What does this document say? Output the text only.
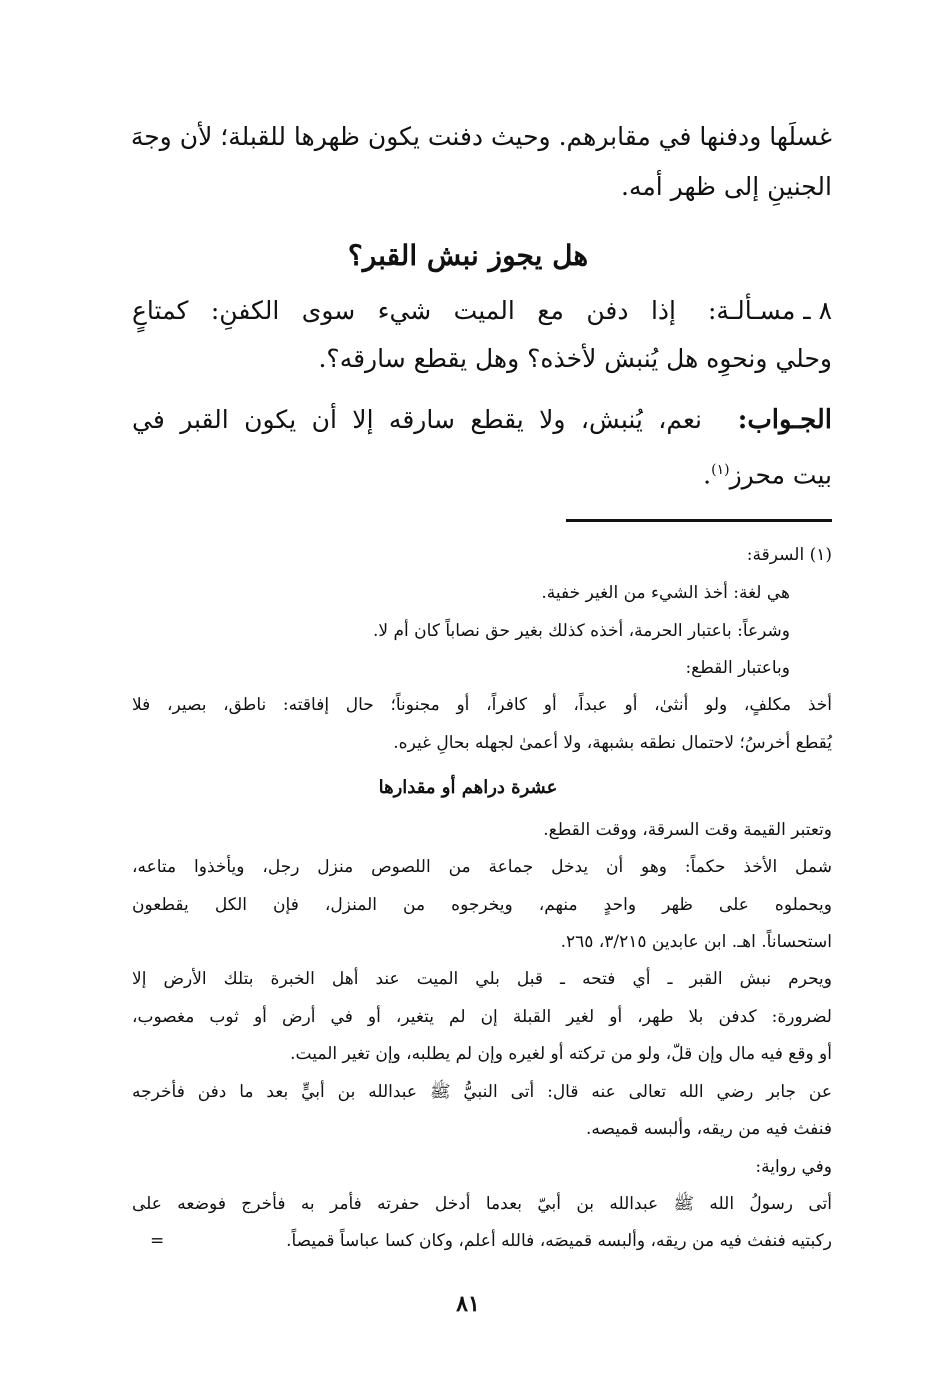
غسلَها ودفنها في مقابرهم. وحيث دفنت يكون ظهرها للقبلة؛ لأن وجهَ
الجنينِ إلى ظهر أمه.
هل يجوز نبش القبر؟
٨ ـ مسـألـة:
إذا دفن مع الميت شيء سوى الكفنِ: كمتاعٍ
وحلي ونحوِه هل يُنبش لأخذه؟ وهل يقطع سارقه؟.
الجـواب:
نعم، يُنبش، ولا يقطع سارقه إلا أن يكون القبر في
بيت محرز$^{(١)}$.
(١) السرقة:
هي لغة: أخذ الشيء من الغير خفية.
وشرعاً: باعتبار الحرمة، أخذه كذلك بغير حق نصاباً كان أم لا.
وباعتبار القطع:
أخذ مكلفٍ، ولو أنثىٰ، أو عبداً، أو كافراً، أو مجنوناً؛ حال إفاقته: ناطق، بصير، فلا
يُقطع أخرسُ؛ لاحتمال نطقه بشبهة، ولا أعمىٰ لجهله بحالِ غيره.
عشرة دراهم أو مقدارها
وتعتبر القيمة وقت السرقة، ووقت القطع.
شمل الأخذ حكماً: وهو أن يدخل جماعة من اللصوص منزل رجل، ويأخذوا متاعه،
ويحملوه على ظهر واحدٍ منهم، ويخرجوه من المنزل، فإن الكل يقطعون
استحساناً. اهـ. ابن عابدين ٣/٢١٥، ٢٦٥.
ويحرم نبش القبر ـ أي فتحه ـ قبل بلي الميت عند أهل الخبرة بتلك الأرض إلا
لضرورة: كدفن بلا طهر، أو لغير القبلة إن لم يتغير، أو في أرض أو ثوب مغصوب،
أو وقع فيه مال وإن قلّ، ولو من تركته أو لغيره وإن لم يطلبه، وإن تغير الميت.
عن جابر رضي الله تعالى عنه قال: أتى النبيُّ ﷺ عبدالله بن أبيٍّ بعد ما دفن فأخرجه
فنفث فيه من ريقه، وألبسه قميصه.
وفي رواية:
أتى رسولُ الله ﷺ عبدالله بن أبيّ بعدما أدخل حفرته فأمر به فأخرج فوضعه على
ركبتيه فنفث فيه من ريقه، وألبسه قميصَه، فالله أعلم، وكان كسا عباساً قميصاً.
=
٨١
